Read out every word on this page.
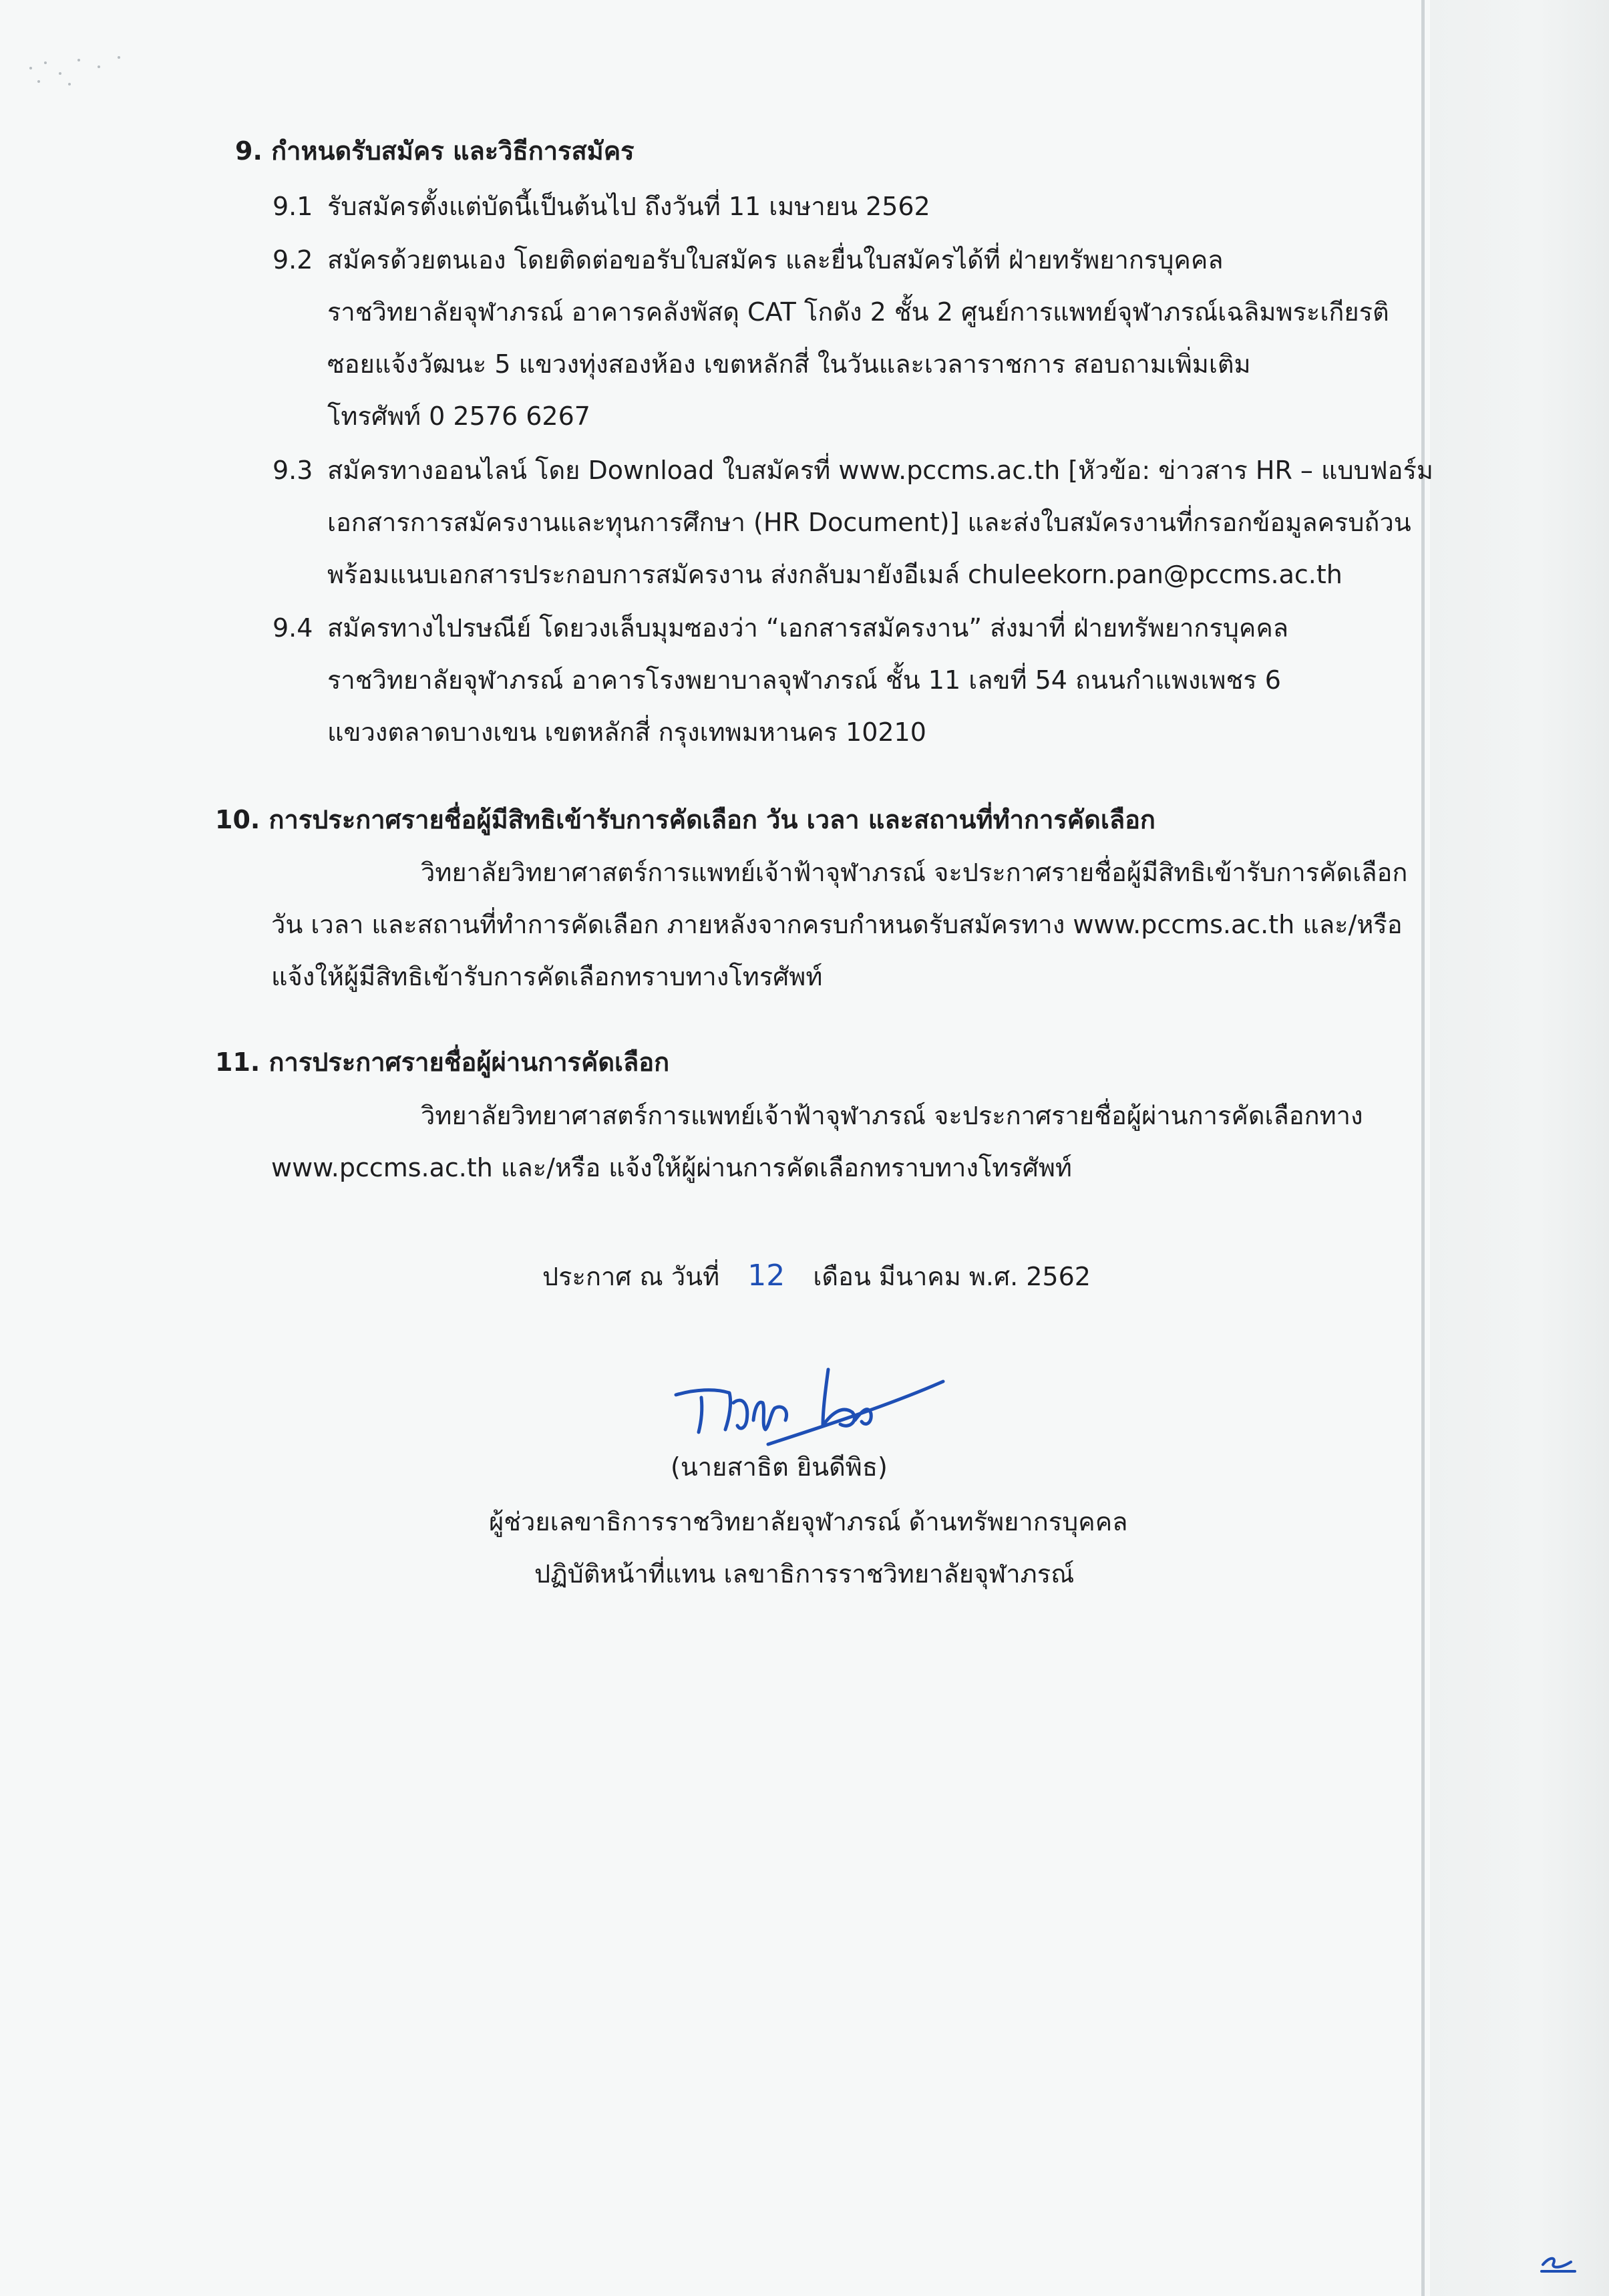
9. กำหนดรับสมัคร และวิธีการสมัคร
9.1 รับสมัครตั้งแต่บัดนี้เป็นต้นไป ถึงวันที่ 11 เมษายน 2562
9.2 สมัครด้วยตนเอง โดยติดต่อขอรับใบสมัคร และยื่นใบสมัครได้ที่ ฝ่ายทรัพยากรบุคคล
ราชวิทยาลัยจุฬาภรณ์ อาคารคลังพัสดุ CAT โกดัง 2 ชั้น 2 ศูนย์การแพทย์จุฬาภรณ์เฉลิมพระเกียรติ
ซอยแจ้งวัฒนะ 5 แขวงทุ่งสองห้อง เขตหลักสี่ ในวันและเวลาราชการ สอบถามเพิ่มเติม
โทรศัพท์ 0 2576 6267
9.3 สมัครทางออนไลน์ โดย Download ใบสมัครที่ www.pccms.ac.th [หัวข้อ: ข่าวสาร HR – แบบฟอร์ม
เอกสารการสมัครงานและทุนการศึกษา (HR Document)] และส่งใบสมัครงานที่กรอกข้อมูลครบถ้วน
พร้อมแนบเอกสารประกอบการสมัครงาน ส่งกลับมายังอีเมล์ chuleekorn.pan@pccms.ac.th
9.4 สมัครทางไปรษณีย์ โดยวงเล็บมุมซองว่า “เอกสารสมัครงาน” ส่งมาที่ ฝ่ายทรัพยากรบุคคล
ราชวิทยาลัยจุฬาภรณ์ อาคารโรงพยาบาลจุฬาภรณ์ ชั้น 11 เลขที่ 54 ถนนกำแพงเพชร 6
แขวงตลาดบางเขน เขตหลักสี่ กรุงเทพมหานคร 10210
10. การประกาศรายชื่อผู้มีสิทธิเข้ารับการคัดเลือก วัน เวลา และสถานที่ทำการคัดเลือก
วิทยาลัยวิทยาศาสตร์การแพทย์เจ้าฟ้าจุฬาภรณ์ จะประกาศรายชื่อผู้มีสิทธิเข้ารับการคัดเลือก
วัน เวลา และสถานที่ทำการคัดเลือก ภายหลังจากครบกำหนดรับสมัครทาง www.pccms.ac.th และ/หรือ
แจ้งให้ผู้มีสิทธิเข้ารับการคัดเลือกทราบทางโทรศัพท์
11. การประกาศรายชื่อผู้ผ่านการคัดเลือก
วิทยาลัยวิทยาศาสตร์การแพทย์เจ้าฟ้าจุฬาภรณ์ จะประกาศรายชื่อผู้ผ่านการคัดเลือกทาง
www.pccms.ac.th และ/หรือ แจ้งให้ผู้ผ่านการคัดเลือกทราบทางโทรศัพท์
ประกาศ ณ วันที่ 12 เดือน มีนาคม พ.ศ. 2562
(นายสาธิต ยินดีพิธ)
ผู้ช่วยเลขาธิการราชวิทยาลัยจุฬาภรณ์ ด้านทรัพยากรบุคคล
ปฏิบัติหน้าที่แทน เลขาธิการราชวิทยาลัยจุฬาภรณ์
